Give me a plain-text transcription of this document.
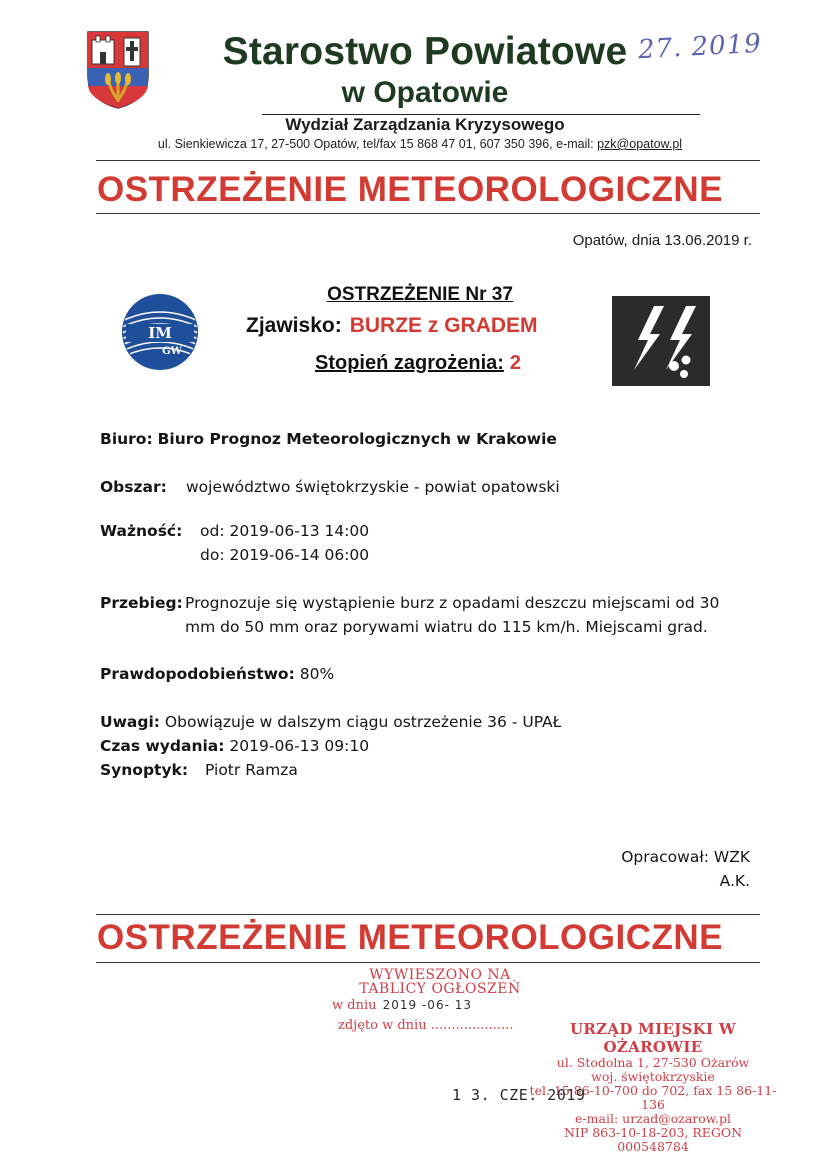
Starostwo Powiatowe
w Opatowie
27. 2019
Wydział Zarządzania Kryzysowego
ul. Sienkiewicza 17, 27-500 Opatów, tel/fax 15 868 47 01, 607 350 396, e-mail: pzk@opatow.pl
OSTRZEŻENIE METEOROLOGICZNE
Opatów, dnia 13.06.2019 r.
IM
GW
OSTRZEŻENIE Nr 37
Zjawisko: BURZE z GRADEM
Stopień zagrożenia: 2
Biuro: Biuro Prognoz Meteorologicznych w Krakowie
Obszar: województwo świętokrzyskie - powiat opatowski
Ważność: od: 2019-06-13 14:00
do: 2019-06-14 06:00
Przebieg: Prognozuje się wystąpienie burz z opadami deszczu miejscami od 30
mm do 50 mm oraz porywami wiatru do 115 km/h. Miejscami grad.
Prawdopodobieństwo: 80%
Uwagi: Obowiązuje w dalszym ciągu ostrzeżenie 36 - UPAŁ
Czas wydania: 2019-06-13 09:10
Synoptyk: Piotr Ramza
Opracował: WZK
A.K.
OSTRZEŻENIE METEOROLOGICZNE
WYWIESZONO NA
TABLICY OGŁOSZEŃ
w dniu 2019 -06- 13
zdjęto w dniu ....................	URZĄD MIEJSKI W OŻAROWIE
ul. Stodolna 1, 27-530 Ożarów
woj. świętokrzyskie
tel. 15 86-10-700 do 702, fax 15 86-11-136
e-mail: urzad@ozarow.pl
NIP 863-10-18-203, REGON 000548784
1 3. CZE. 2019
